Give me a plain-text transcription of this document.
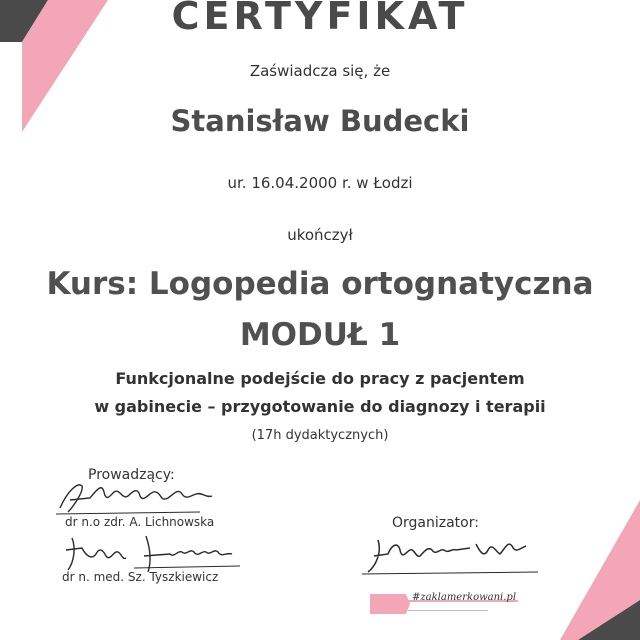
CERTYFIKAT
Zaświadcza się, że
Stanisław Budecki
ur. 16.04.2000 r. w Łodzi
ukończył
Kurs: Logopedia ortognatyczna
MODUŁ 1
Funkcjonalne podejście do pracy z pacjentem
w gabinecie – przygotowanie do diagnozy i terapii
(17h dydaktycznych)
Prowadzący:
dr n.o zdr. A. Lichnowska
dr n. med. Sz. Tyszkiewicz
Organizator:
#zaklamerkowani.pl
